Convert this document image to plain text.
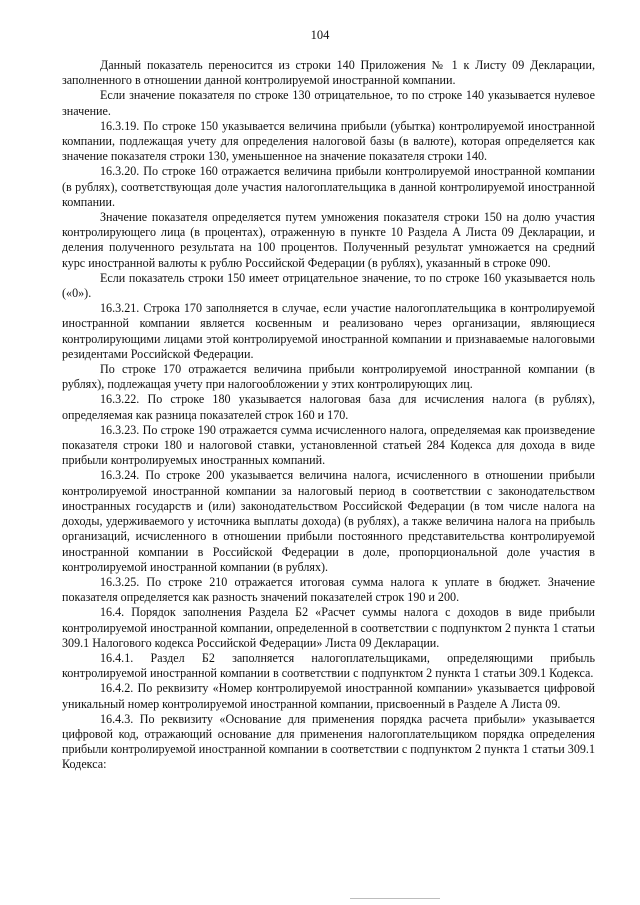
104

Данный показатель переносится из строки 140 Приложения № 1 к Листу 09 Декларации, заполненного в отношении данной контролируемой иностранной компании.

Если значение показателя по строке 130 отрицательное, то по строке 140 указывается нулевое значение.

16.3.19. По строке 150 указывается величина прибыли (убытка) контролируемой иностранной компании, подлежащая учету для определения налоговой базы (в валюте), которая определяется как значение показателя строки 130, уменьшенное на значение показателя строки 140.

16.3.20. По строке 160 отражается величина прибыли контролируемой иностранной компании (в рублях), соответствующая доле участия налогоплательщика в данной контролируемой иностранной компании.

Значение показателя определяется путем умножения показателя строки 150 на долю участия контролирующего лица (в процентах), отраженную в пункте 10 Раздела А Листа 09 Декларации, и деления полученного результата на 100 процентов. Полученный результат умножается на средний курс иностранной валюты к рублю Российской Федерации (в рублях), указанный в строке 090.

Если показатель строки 150 имеет отрицательное значение, то по строке 160 указывается ноль («0»).

16.3.21. Строка 170 заполняется в случае, если участие налогоплательщика в контролируемой иностранной компании является косвенным и реализовано через организации, являющиеся контролирующими лицами этой контролируемой иностранной компании и признаваемые налоговыми резидентами Российской Федерации.

По строке 170 отражается величина прибыли контролируемой иностранной компании (в рублях), подлежащая учету при налогообложении у этих контролирующих лиц.

16.3.22. По строке 180 указывается налоговая база для исчисления налога (в рублях), определяемая как разница показателей строк 160 и 170.

16.3.23. По строке 190 отражается сумма исчисленного налога, определяемая как произведение показателя строки 180 и налоговой ставки, установленной статьей 284 Кодекса для дохода в виде прибыли контролируемых иностранных компаний.

16.3.24. По строке 200 указывается величина налога, исчисленного в отношении прибыли контролируемой иностранной компании за налоговый период в соответствии с законодательством иностранных государств и (или) законодательством Российской Федерации (в том числе налога на доходы, удерживаемого у источника выплаты дохода) (в рублях), а также величина налога на прибыль организаций, исчисленного в отношении прибыли постоянного представительства контролируемой иностранной компании в Российской Федерации в доле, пропорциональной доле участия в контролируемой иностранной компании (в рублях).

16.3.25. По строке 210 отражается итоговая сумма налога к уплате в бюджет. Значение показателя определяется как разность значений показателей строк 190 и 200.

16.4. Порядок заполнения Раздела Б2 «Расчет суммы налога с доходов в виде прибыли контролируемой иностранной компании, определенной в соответствии с подпунктом 2 пункта 1 статьи 309.1 Налогового кодекса Российской Федерации» Листа 09 Декларации.

16.4.1. Раздел Б2 заполняется налогоплательщиками, определяющими прибыль контролируемой иностранной компании в соответствии с подпунктом 2 пункта 1 статьи 309.1 Кодекса.

16.4.2. По реквизиту «Номер контролируемой иностранной компании» указывается цифровой уникальный номер контролируемой иностранной компании, присвоенный в Разделе А Листа 09.

16.4.3. По реквизиту «Основание для применения порядка расчета прибыли» указывается цифровой код, отражающий основание для применения налогоплательщиком порядка определения прибыли контролируемой иностранной компании в соответствии с подпунктом 2 пункта 1 статьи 309.1 Кодекса:
